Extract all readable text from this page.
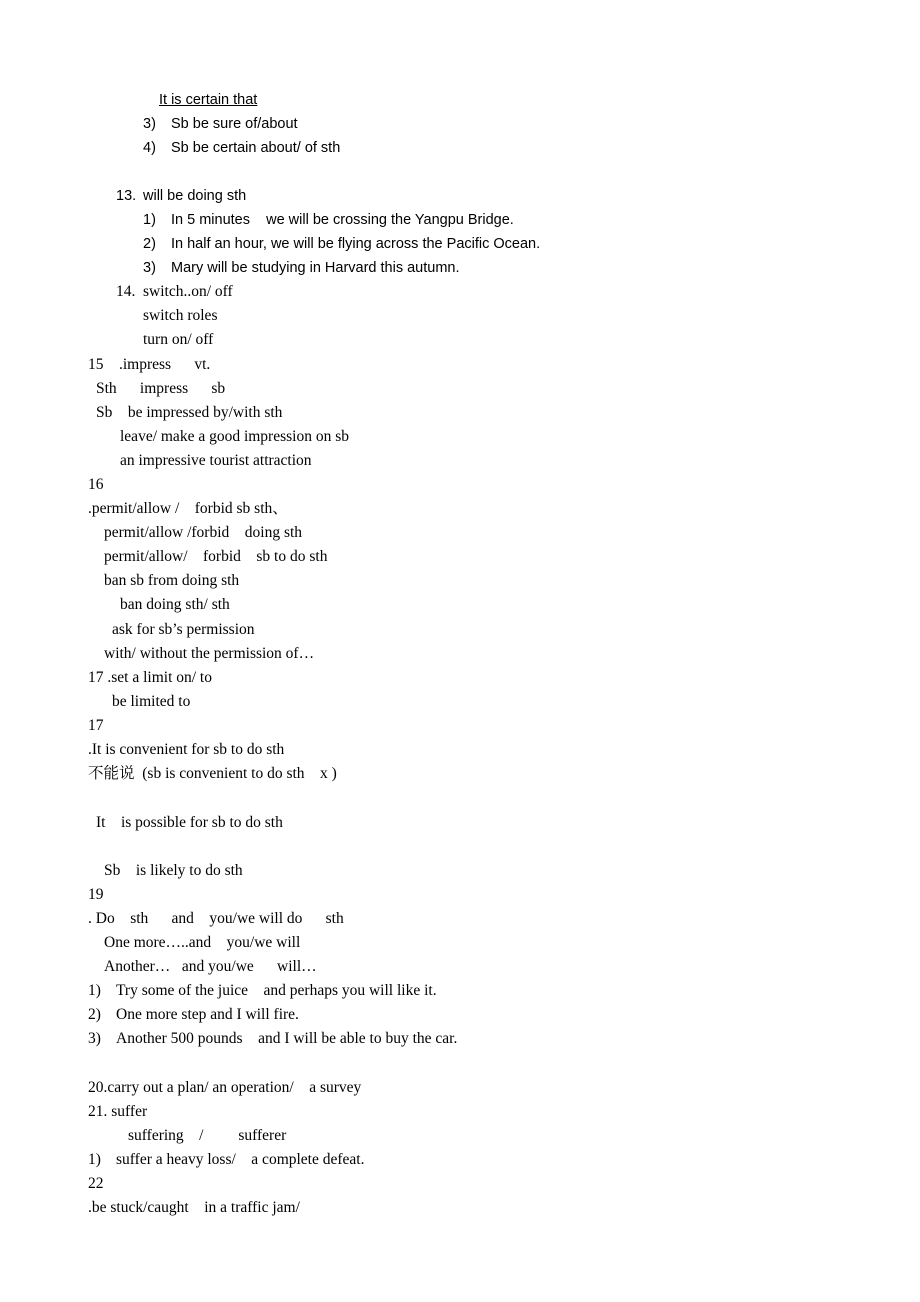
It is certain that
3) Sb be sure of/about
4) Sb be certain about/ of sth
13. will be doing sth
1) In 5 minutes    we will be crossing the Yangpu Bridge.
2) In half an hour, we will be flying across the Pacific Ocean.
3) Mary will be studying in Harvard this autumn.
14. switch..on/ off
switch roles
turn on/ off
15    .impress      vt.
Sth      impress      sb
Sb    be impressed by/with sth
leave/ make a good impression on sb
an impressive tourist attraction
16
.permit/allow /    forbid sb sth、
permit/allow /forbid    doing sth
permit/allow/    forbid    sb to do sth
ban sb from doing sth
ban doing sth/ sth
ask for sb’s permission
with/ without the permission of…
17 .set a limit on/ to
be limited to
17
.It is convenient for sb to do sth
不能说  (sb is convenient to do sth    x )
It    is possible for sb to do sth
Sb    is likely to do sth
19
. Do    sth      and    you/we will do      sth
One more…..and    you/we will
Another…   and you/we      will…
1) Try some of the juice    and perhaps you will like it.
2) One more step and I will fire.
3) Another 500 pounds    and I will be able to buy the car.
20.carry out a plan/ an operation/    a survey
21. suffer
suffering    /         sufferer
1) suffer a heavy loss/    a complete defeat.
22
.be stuck/caught    in a traffic jam/
